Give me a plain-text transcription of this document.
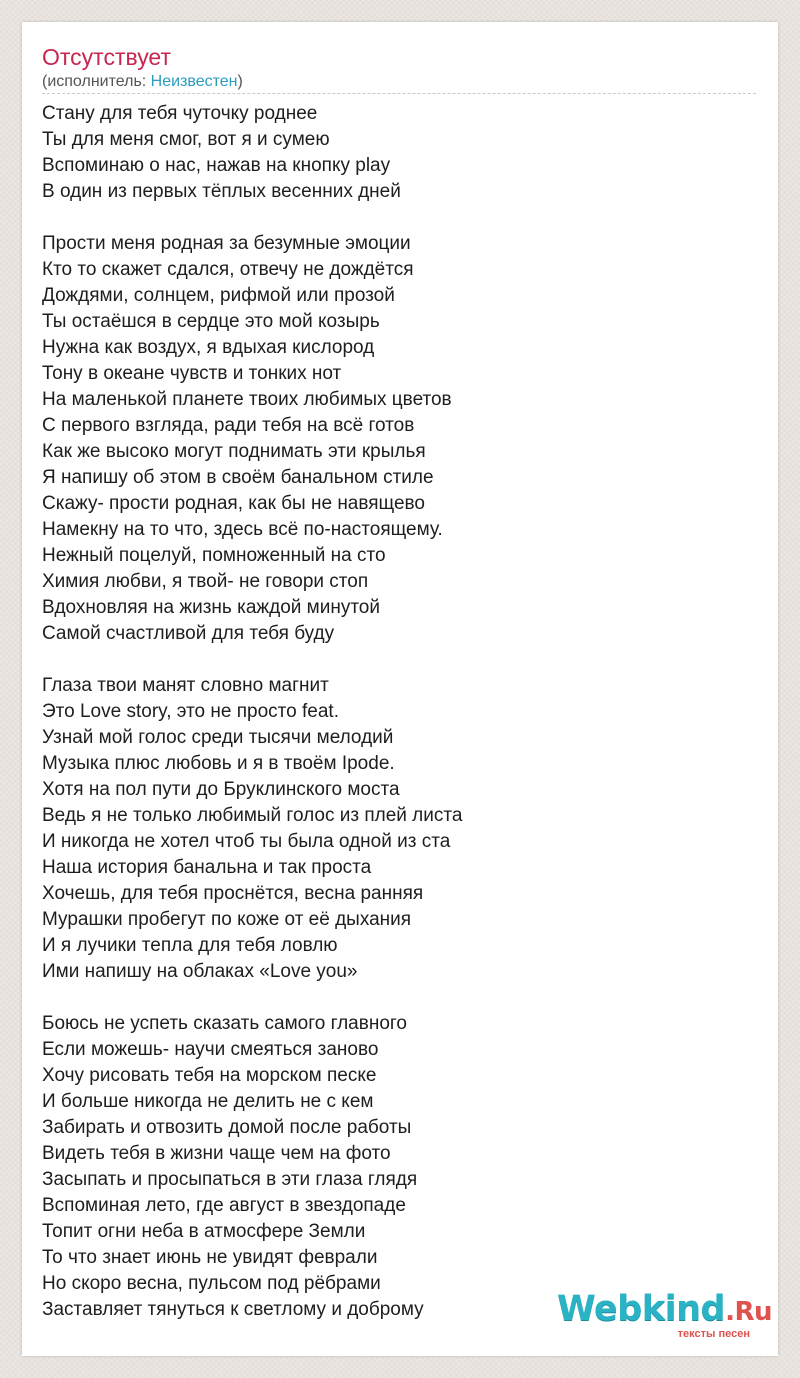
Отсутствует
(исполнитель: Неизвестен)
Стану для тебя чуточку роднее
Ты для меня смог, вот я и сумею
Вспоминаю о нас, нажав на кнопку play
В один из первых тёплых весенних дней
Прости меня родная за безумные эмоции
Кто то скажет сдался, отвечу не дождётся
Дождями, солнцем, рифмой или прозой
Ты остаёшся в сердце это мой козырь
Нужна как воздух, я вдыхая кислород
Тону в океане чувств и тонких нот
На маленькой планете твоих любимых цветов
С первого взгляда, ради тебя на всё готов
Как же высоко могут поднимать эти крылья
Я напишу об этом в своём банальном стиле
Скажу- прости родная, как бы не навящево
Намекну на то что, здесь всё по-настоящему.
Нежный поцелуй, помноженный на сто
Химия любви, я твой- не говори стоп
Вдохновляя на жизнь каждой минутой
Самой счастливой для тебя буду
Глаза твои манят словно магнит
Это Love story, это не просто feat.
Узнай мой голос среди тысячи мелодий
Музыка плюс любовь и я в твоём Ipode.
Хотя на пол пути до Бруклинского моста
Ведь я не только любимый голос из плей листа
И никогда не хотел чтоб ты была одной из ста
Наша история банальна и так проста
Хочешь, для тебя проснётся, весна ранняя
Мурашки пробегут по коже от её дыхания
И я лучики тепла для тебя ловлю
Ими напишу на облаках «Love you»
Боюсь не успеть сказать самого главного
Если можешь- научи смеяться заново
Хочу рисовать тебя на морском песке
И больше никогда не делить не с кем
Забирать и отвозить домой после работы
Видеть тебя в жизни чаще чем на фото
Засыпать и просыпаться в эти глаза глядя
Вспоминая лето, где август в звездопаде
Топит огни неба в атмосфере Земли
То что знает июнь не увидят феврали
Но скоро весна, пульсом под рёбрами
Заставляет тянуться к светлому и доброму	Webkind.Ru
тексты песен
